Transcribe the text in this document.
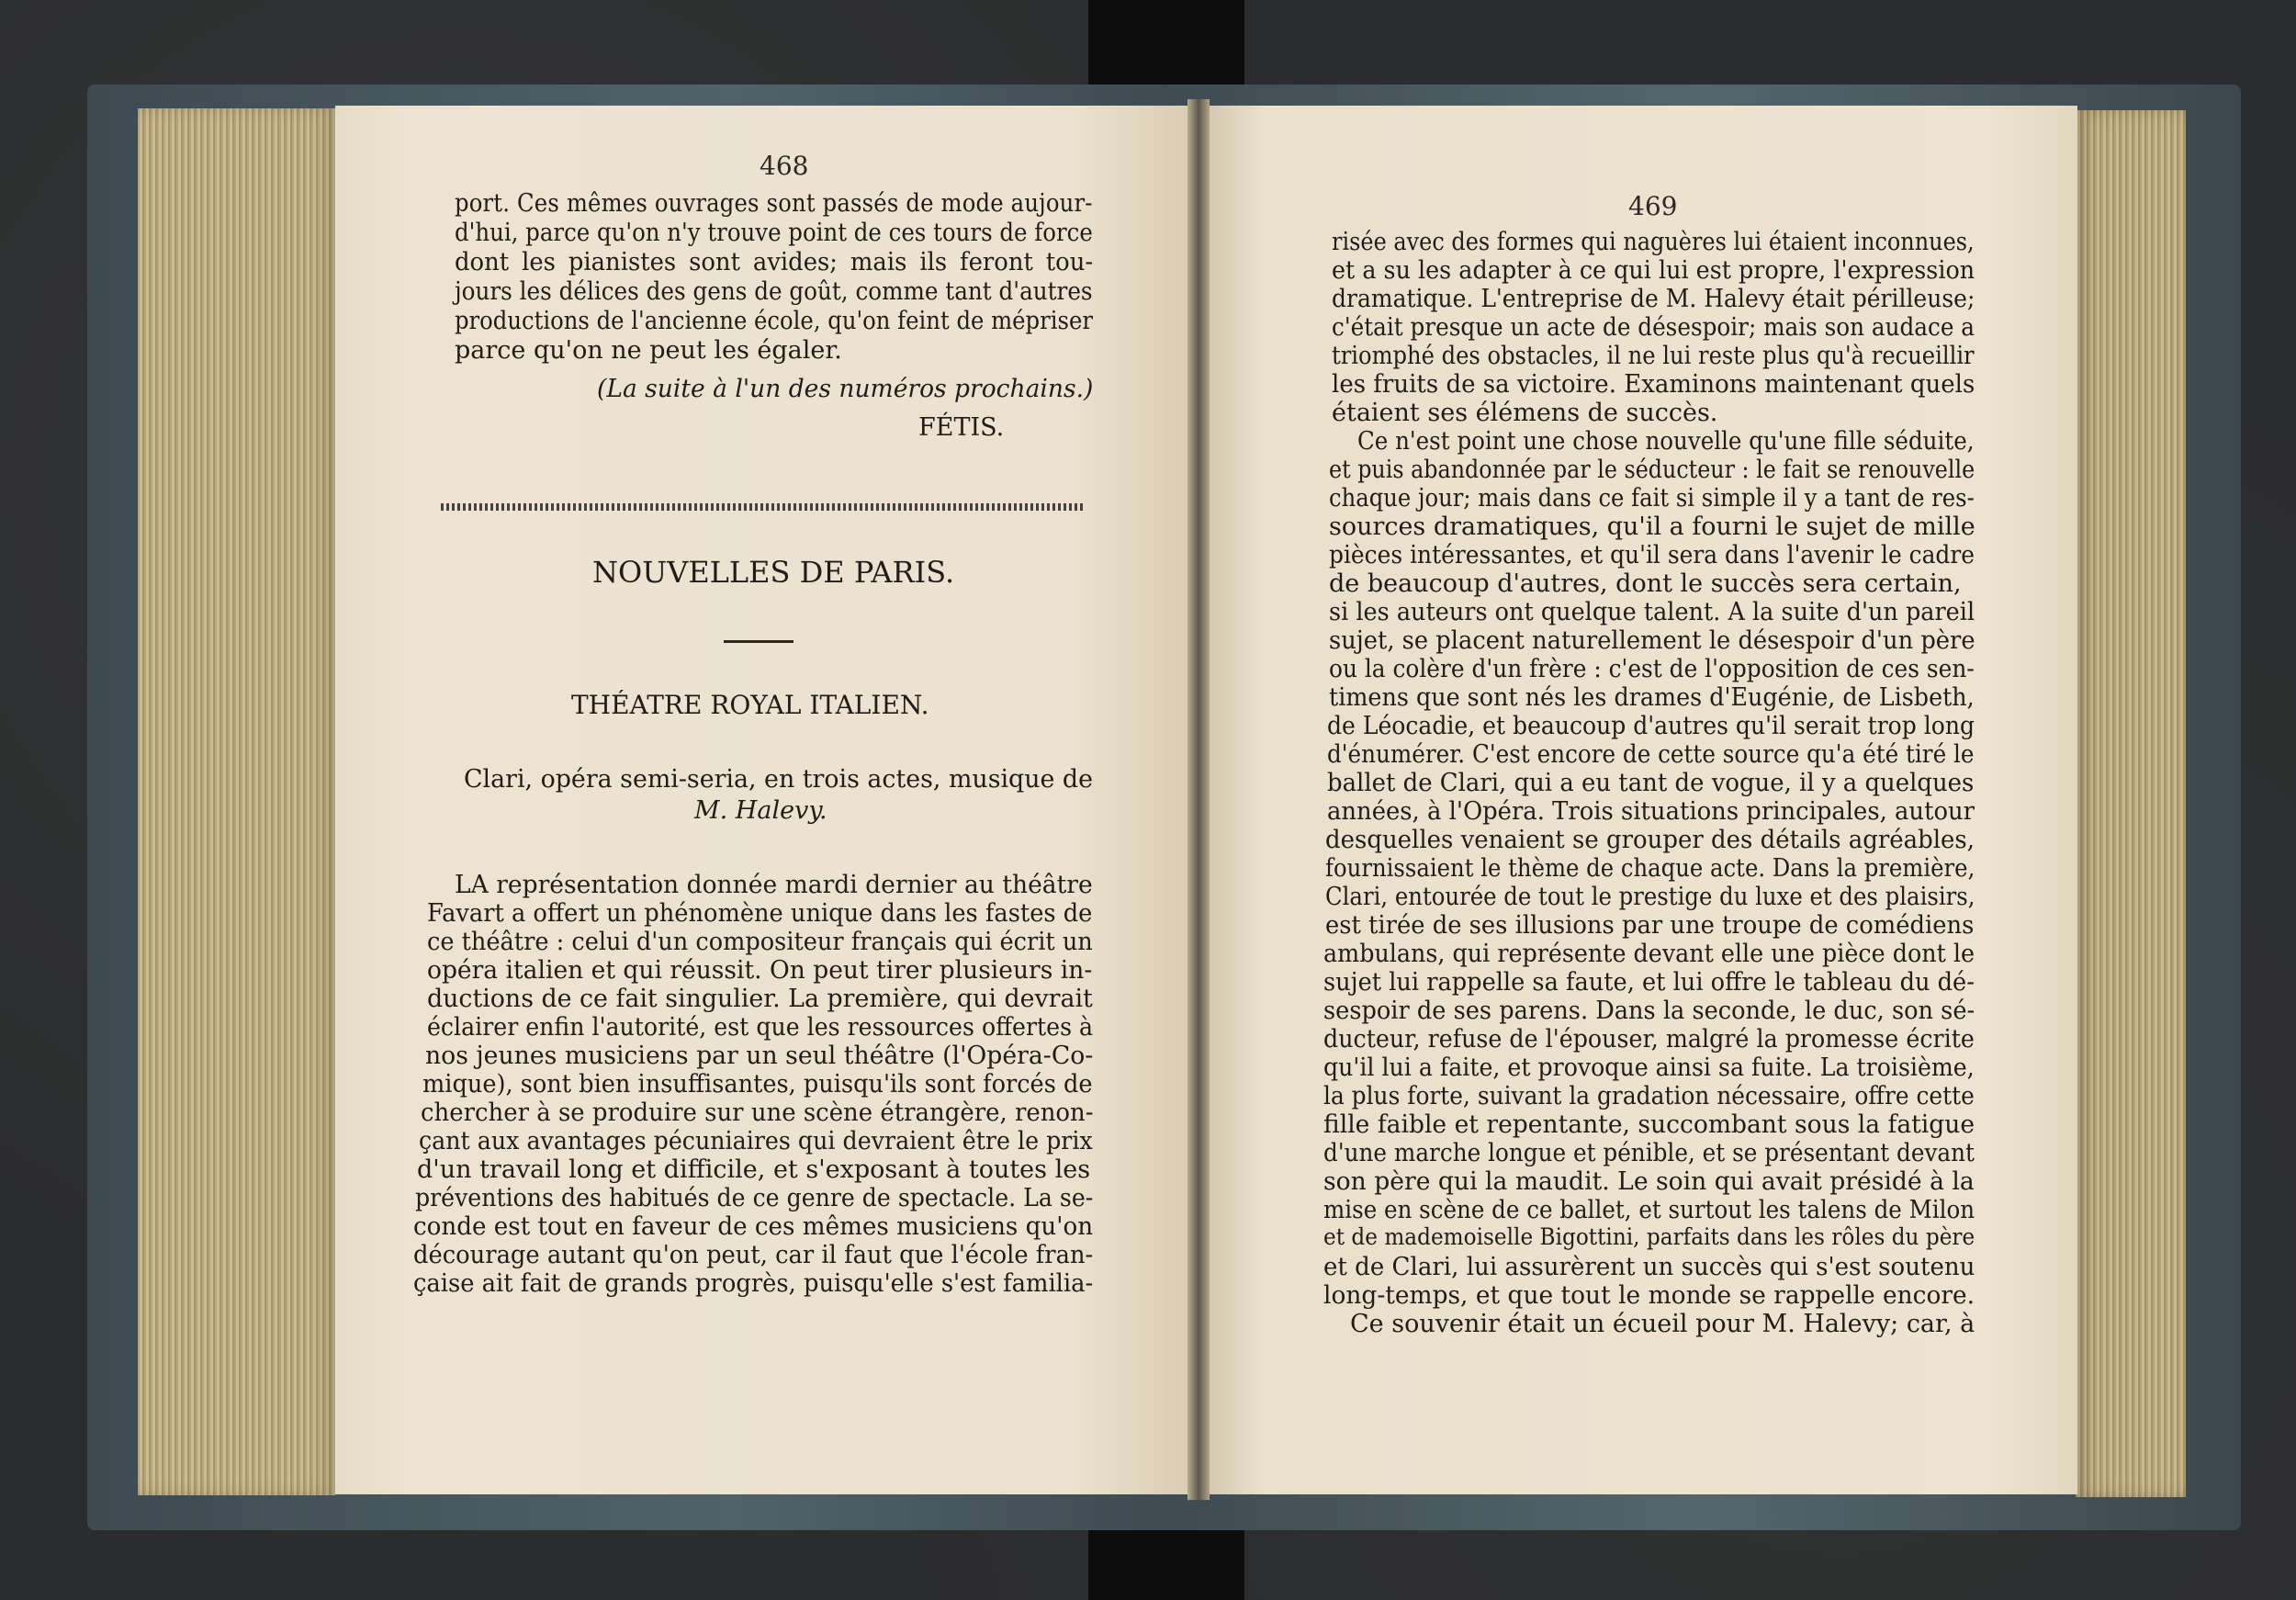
468
port. Ces mêmes ouvrages sont passés de mode aujour-
d'hui, parce qu'on n'y trouve point de ces tours de force
dont les pianistes sont avides; mais ils feront tou-
jours les délices des gens de goût, comme tant d'autres
productions de l'ancienne école, qu'on feint de mépriser
parce qu'on ne peut les égaler.
(La suite à l'un des numéros prochains.)
FÉTIS.
NOUVELLES DE PARIS.
THÉATRE ROYAL ITALIEN.
Clari, opéra semi-seria, en trois actes, musique de
M. Halevy.
LA représentation donnée mardi dernier au théâtre
Favart a offert un phénomène unique dans les fastes de
ce théâtre : celui d'un compositeur français qui écrit un
opéra italien et qui réussit. On peut tirer plusieurs in-
ductions de ce fait singulier. La première, qui devrait
éclairer enfin l'autorité, est que les ressources offertes à
nos jeunes musiciens par un seul théâtre (l'Opéra-Co-
mique), sont bien insuffisantes, puisqu'ils sont forcés de
chercher à se produire sur une scène étrangère, renon-
çant aux avantages pécuniaires qui devraient être le prix
d'un travail long et difficile, et s'exposant à toutes les
préventions des habitués de ce genre de spectacle. La se-
conde est tout en faveur de ces mêmes musiciens qu'on
décourage autant qu'on peut, car il faut que l'école fran-
çaise ait fait de grands progrès, puisqu'elle s'est familia-
469
risée avec des formes qui naguères lui étaient inconnues,
et a su les adapter à ce qui lui est propre, l'expression
dramatique. L'entreprise de M. Halevy était périlleuse;
c'était presque un acte de désespoir; mais son audace a
triomphé des obstacles, il ne lui reste plus qu'à recueillir
les fruits de sa victoire. Examinons maintenant quels
étaient ses élémens de succès.
Ce n'est point une chose nouvelle qu'une fille séduite,
et puis abandonnée par le séducteur : le fait se renouvelle
chaque jour; mais dans ce fait si simple il y a tant de res-
sources dramatiques, qu'il a fourni le sujet de mille
pièces intéressantes, et qu'il sera dans l'avenir le cadre
de beaucoup d'autres, dont le succès sera certain,
si les auteurs ont quelque talent. A la suite d'un pareil
sujet, se placent naturellement le désespoir d'un père
ou la colère d'un frère : c'est de l'opposition de ces sen-
timens que sont nés les drames d'Eugénie, de Lisbeth,
de Léocadie, et beaucoup d'autres qu'il serait trop long
d'énumérer. C'est encore de cette source qu'a été tiré le
ballet de Clari, qui a eu tant de vogue, il y a quelques
années, à l'Opéra. Trois situations principales, autour
desquelles venaient se grouper des détails agréables,
fournissaient le thème de chaque acte. Dans la première,
Clari, entourée de tout le prestige du luxe et des plaisirs,
est tirée de ses illusions par une troupe de comédiens
ambulans, qui représente devant elle une pièce dont le
sujet lui rappelle sa faute, et lui offre le tableau du dé-
sespoir de ses parens. Dans la seconde, le duc, son sé-
ducteur, refuse de l'épouser, malgré la promesse écrite
qu'il lui a faite, et provoque ainsi sa fuite. La troisième,
la plus forte, suivant la gradation nécessaire, offre cette
fille faible et repentante, succombant sous la fatigue
d'une marche longue et pénible, et se présentant devant
son père qui la maudit. Le soin qui avait présidé à la
mise en scène de ce ballet, et surtout les talens de Milon
et de mademoiselle Bigottini, parfaits dans les rôles du père
et de Clari, lui assurèrent un succès qui s'est soutenu
long-temps, et que tout le monde se rappelle encore.
Ce souvenir était un écueil pour M. Halevy; car, à
